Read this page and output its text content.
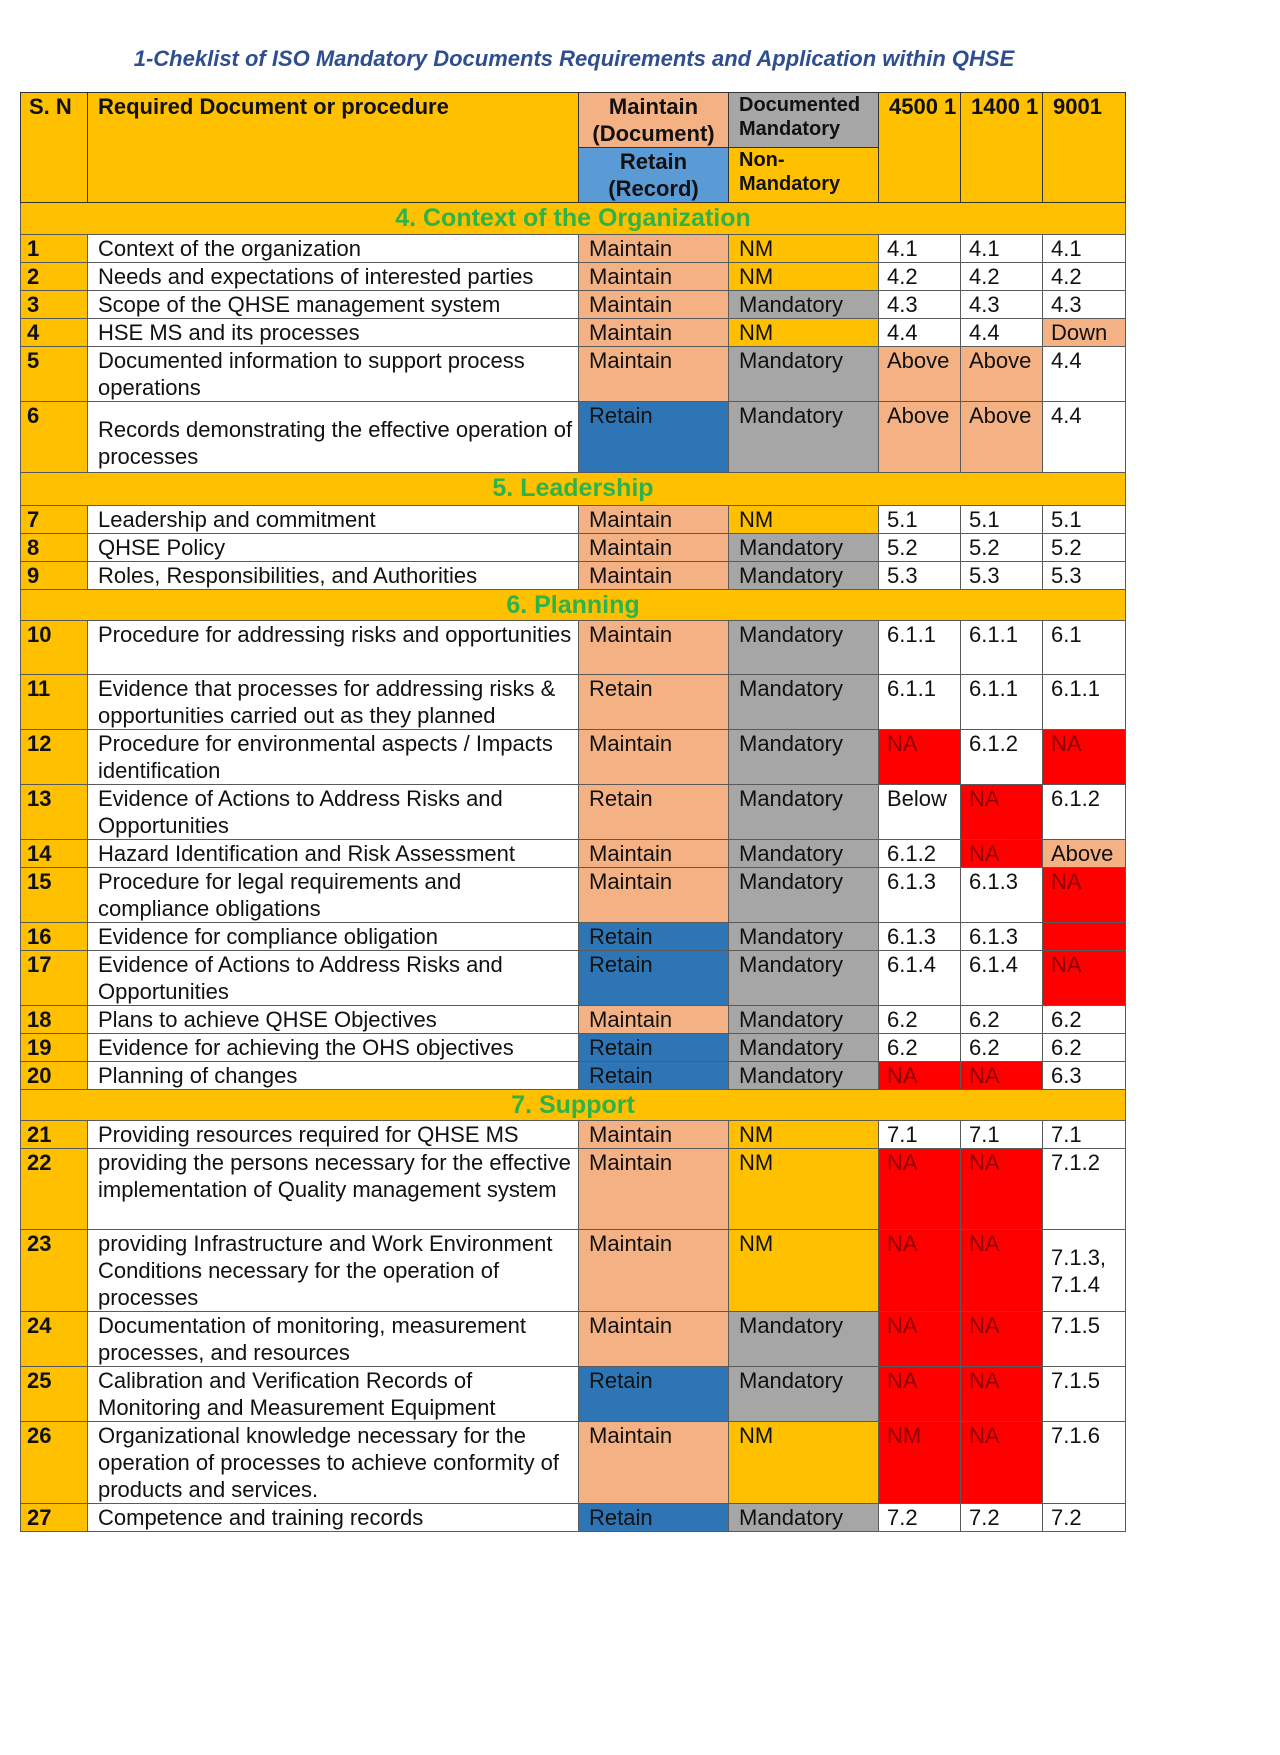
1-Cheklist of ISO Mandatory Documents Requirements and Application within QHSE
S. N	Required Document or procedure	Maintain (Document)	Documented Mandatory	4500 1	1400 1	9001
		Retain (Record)	Non-Mandatory			
4. Context of the Organization						
1	Context of the organization	Maintain	NM	4.1	4.1	4.1
2	Needs and expectations of interested parties	Maintain	NM	4.2	4.2	4.2
3	Scope of the QHSE management system	Maintain	Mandatory	4.3	4.3	4.3
4	HSE MS and its processes	Maintain	NM	4.4	4.4	Down
5	Documented information to support process operations	Maintain	Mandatory	Above	Above	4.4
6	Records demonstrating the effective operation of processes	Retain	Mandatory	Above	Above	4.4
5. Leadership						
7	Leadership and commitment	Maintain	NM	5.1	5.1	5.1
8	QHSE Policy	Maintain	Mandatory	5.2	5.2	5.2
9	Roles, Responsibilities, and Authorities	Maintain	Mandatory	5.3	5.3	5.3
6. Planning						
10	Procedure for addressing risks and opportunities	Maintain	Mandatory	6.1.1	6.1.1	6.1
11	Evidence that processes for addressing risks & opportunities carried out as they planned	Retain	Mandatory	6.1.1	6.1.1	6.1.1
12	Procedure for environmental aspects / Impacts identification	Maintain	Mandatory	NA	6.1.2	NA
13	Evidence of Actions to Address Risks and Opportunities	Retain	Mandatory	Below	NA	6.1.2
14	Hazard Identification and Risk Assessment	Maintain	Mandatory	6.1.2	NA	Above
15	Procedure for legal requirements and compliance obligations	Maintain	Mandatory	6.1.3	6.1.3	NA
16	Evidence for compliance obligation	Retain	Mandatory	6.1.3	6.1.3	
17	Evidence of Actions to Address Risks and Opportunities	Retain	Mandatory	6.1.4	6.1.4	NA
18	Plans to achieve QHSE Objectives	Maintain	Mandatory	6.2	6.2	6.2
19	Evidence for achieving the OHS objectives	Retain	Mandatory	6.2	6.2	6.2
20	Planning of changes	Retain	Mandatory	NA	NA	6.3
7. Support						
21	Providing resources required for QHSE MS	Maintain	NM	7.1	7.1	7.1
22	providing the persons necessary for the effective implementation of Quality management system	Maintain	NM	NA	NA	7.1.2
23	providing Infrastructure and Work Environment Conditions necessary for the operation of processes	Maintain	NM	NA	NA	7.1.3, 7.1.4
24	Documentation of monitoring, measurement processes, and resources	Maintain	Mandatory	NA	NA	7.1.5
25	Calibration and Verification Records of Monitoring and Measurement Equipment	Retain	Mandatory	NA	NA	7.1.5
26	Organizational knowledge necessary for the operation of processes to achieve conformity of products and services.	Maintain	NM	NM	NA	7.1.6
27	Competence and training records	Retain	Mandatory	7.2	7.2	7.2
